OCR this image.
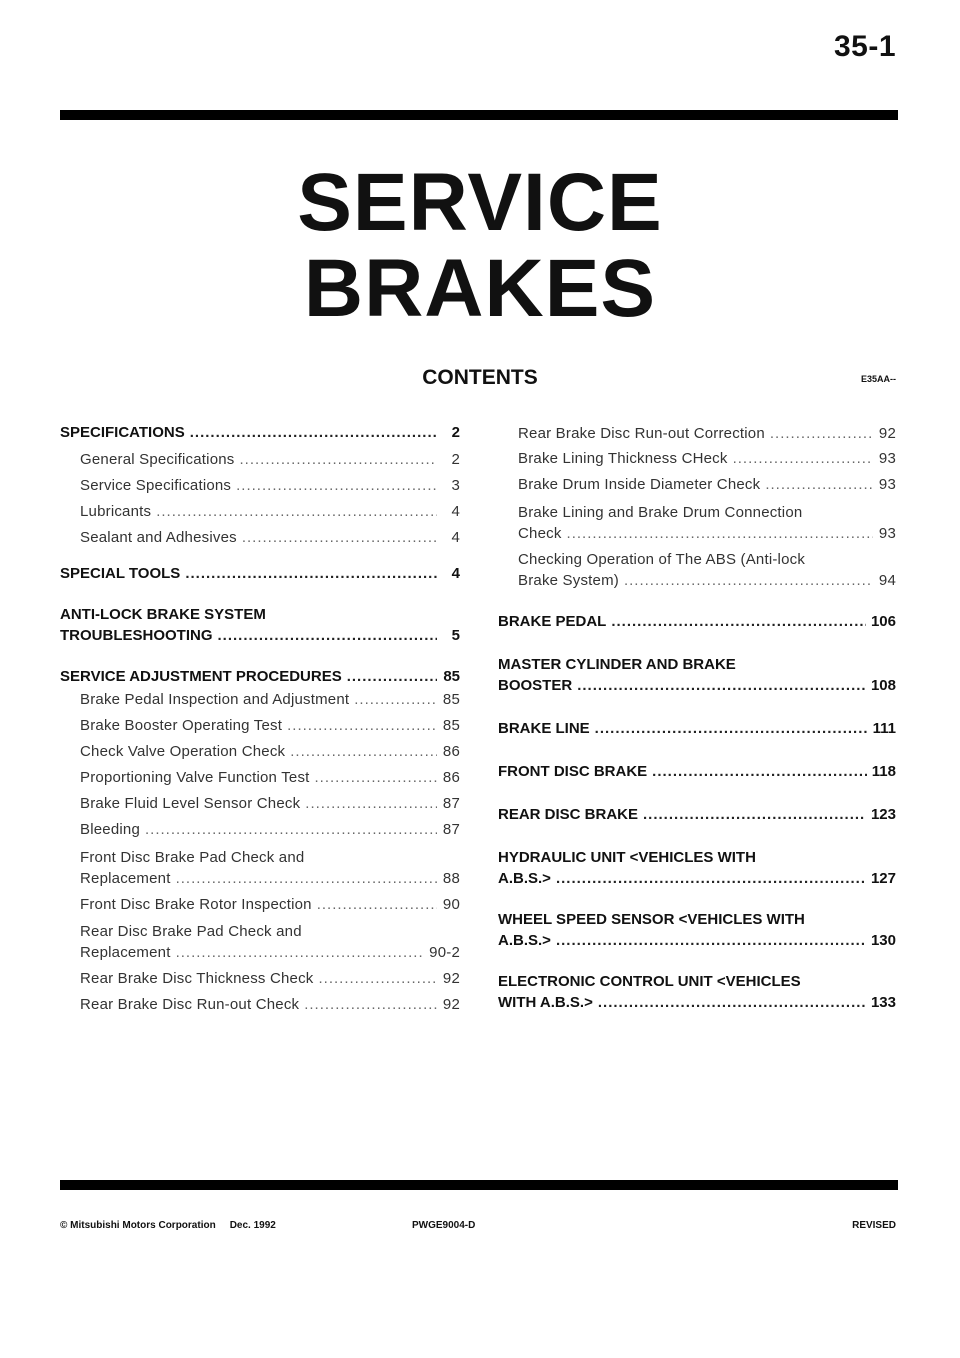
35-1
SERVICE
BRAKES
CONTENTS	E35AA--
SPECIFICATIONS .....	2
General Specifications .....	2
Service Specifications .....	3
Lubricants .....	4
Sealant and Adhesives .....	4
SPECIAL TOOLS .....	4
ANTI-LOCK BRAKE SYSTEM
TROUBLESHOOTING .....	5
SERVICE ADJUSTMENT PROCEDURES .....	85
Brake Pedal Inspection and Adjustment .....	85
Brake Booster Operating Test .....	85
Check Valve Operation Check .....	86
Proportioning Valve Function Test .....	86
Brake Fluid Level Sensor Check .....	87
Bleeding .....	87
Front Disc Brake Pad Check and
Replacement .....	88
Front Disc Brake Rotor Inspection .....	90
Rear Disc Brake Pad Check and
Replacement .....	90-2
Rear Brake Disc Thickness Check .....	92
Rear Brake Disc Run-out Check .....	92
Rear Brake Disc Run-out Correction .....	92
Brake Lining Thickness CHeck .....	93
Brake Drum Inside Diameter Check .....	93
Brake Lining and Brake Drum Connection
Check .....	93
Checking Operation of The ABS (Anti-lock
Brake System) .....	94
BRAKE PEDAL .....	106
MASTER CYLINDER AND BRAKE
BOOSTER .....	108
BRAKE LINE .....	111
FRONT DISC BRAKE .....	118
REAR DISC BRAKE .....	123
HYDRAULIC UNIT <VEHICLES WITH
A.B.S.> .....	127
WHEEL SPEED SENSOR <VEHICLES WITH
A.B.S.> .....	130
ELECTRONIC CONTROL UNIT <VEHICLES
WITH A.B.S.> .....	133
© Mitsubishi Motors Corporation Dec. 1992	PWGE9004-D	REVISED
